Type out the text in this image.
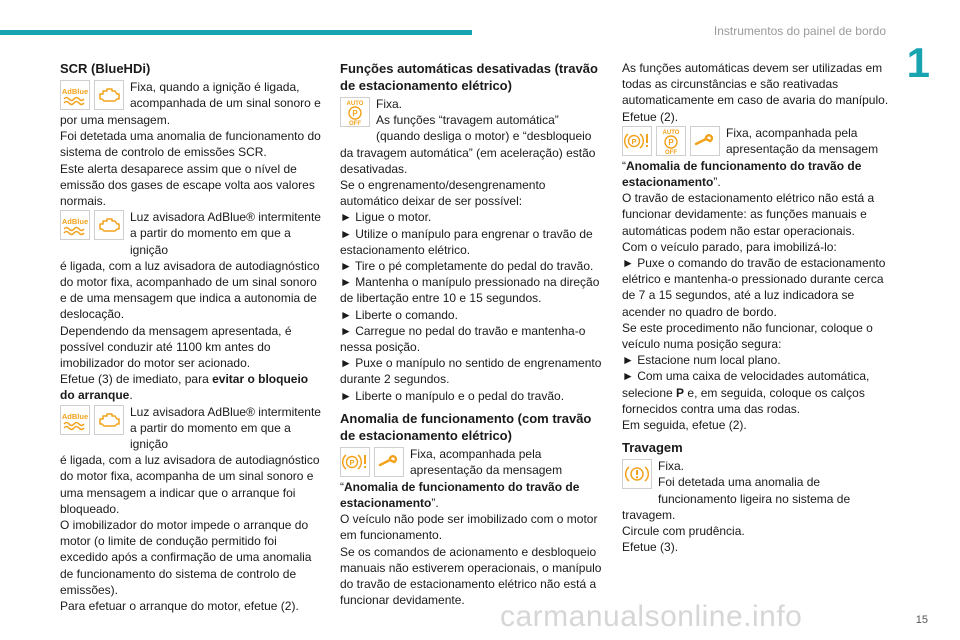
Instrumentos do painel de bordo
1
SCR (BlueHDi)
AdBlue	Fixa, quando a ignição é ligada, acompanhada de um sinal sonoro e

por uma mensagem.

Foi detetada uma anomalia de funcionamento do sistema de controlo de emissões SCR.

Este alerta desaparece assim que o nível de emissão dos gases de escape volta aos valores normais.

AdBlue	Luz avisadora AdBlue® intermitente a partir do momento em que a ignição

é ligada, com a luz avisadora de autodiagnóstico do motor fixa, acompanhado de um sinal sonoro e de uma mensagem que indica a autonomia de deslocação.

Dependendo da mensagem apresentada, é possível conduzir até 1100 km antes do imobilizador do motor ser acionado.

Efetue (3) de imediato, para evitar o bloqueio do arranque.

AdBlue	Luz avisadora AdBlue® intermitente a partir do momento em que a ignição

é ligada, com a luz avisadora de autodiagnóstico do motor fixa, acompanha de um sinal sonoro e uma mensagem a indicar que o arranque foi bloqueado.

O imobilizador do motor impede o arranque do motor (o limite de condução permitido foi excedido após a confirmação de uma anomalia de funcionamento do sistema de controlo de emissões).

Para efetuar o arranque do motor, efetue (2).

Funções automáticas desativadas (travão de estacionamento elétrico)
AUTO
P
OFF

Fixa.

As funções “travagem automática” (quando desliga o motor) e “desbloqueio da travagem automática” (em aceleração) estão desativadas.

Se o engrenamento/desengrenamento automático deixar de ser possível:

► Ligue o motor.

► Utilize o manípulo para engrenar o travão de estacionamento elétrico.

► Tire o pé completamente do pedal do travão.

► Mantenha o manípulo pressionado na direção de libertação entre 10 e 15 segundos.

► Liberte o comando.

► Carregue no pedal do travão e mantenha-o nessa posição.

► Puxe o manípulo no sentido de engrenamento durante 2 segundos.

► Liberte o manípulo e o pedal do travão.

Anomalia de funcionamento (com travão de estacionamento elétrico)
P

Fixa, acompanhada pela apresentação da mensagem

“Anomalia de funcionamento do travão de estacionamento”.

O veículo não pode ser imobilizado com o motor em funcionamento.

Se os comandos de acionamento e desbloqueio manuais não estiverem operacionais, o manípulo do travão de estacionamento elétrico não está a funcionar devidamente.

As funções automáticas devem ser utilizadas em todas as circunstâncias e são reativadas automaticamente em caso de avaria do manípulo.

Efetue (2).

P
AUTO
P
OFF

Fixa, acompanhada pela apresentação da mensagem

“Anomalia de funcionamento do travão de estacionamento”.

O travão de estacionamento elétrico não está a funcionar devidamente: as funções manuais e automáticas podem não estar operacionais.

Com o veículo parado, para imobilizá-lo:

► Puxe o comando do travão de estacionamento elétrico e mantenha-o pressionado durante cerca de 7 a 15 segundos, até a luz indicadora se acender no quadro de bordo.

Se este procedimento não funcionar, coloque o veículo numa posição segura:

► Estacione num local plano.

► Com uma caixa de velocidades automática, selecione P e, em seguida, coloque os calços fornecidos contra uma das rodas.

Em seguida, efetue (2).

Travagem

Fixa.

Foi detetada uma anomalia de funcionamento ligeira no sistema de travagem.

Circule com prudência.

Efetue (3).

carmanualsonline.info	15
